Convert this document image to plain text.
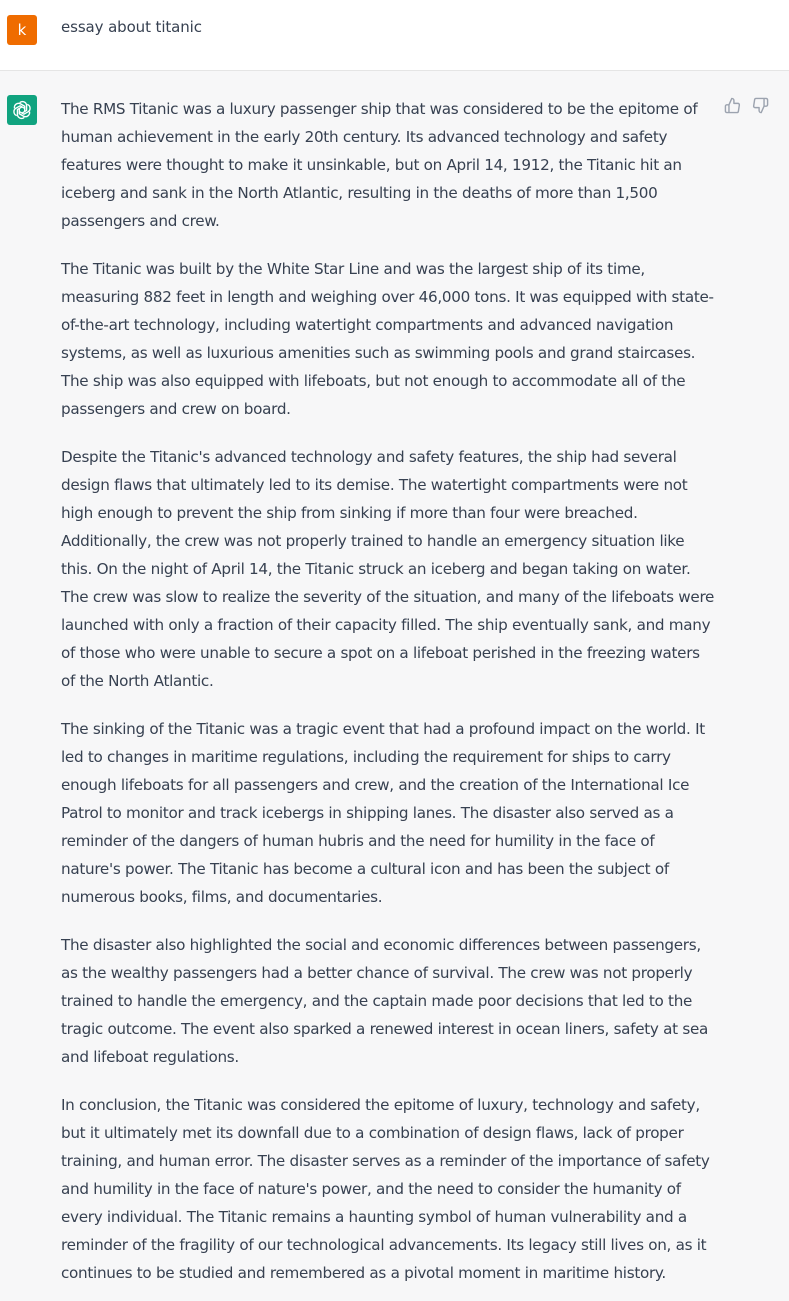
k	essay about titanic

The RMS Titanic was a luxury passenger ship that was considered to be the epitome of human achievement in the early 20th century. Its advanced technology and safety features were thought to make it unsinkable, but on April 14, 1912, the Titanic hit an iceberg and sank in the North Atlantic, resulting in the deaths of more than 1,500 passengers and crew.

The Titanic was built by the White Star Line and was the largest ship of its time, measuring 882 feet in length and weighing over 46,000 tons. It was equipped with state-of-the-art technology, including watertight compartments and advanced navigation systems, as well as luxurious amenities such as swimming pools and grand staircases. The ship was also equipped with lifeboats, but not enough to accommodate all of the passengers and crew on board.

Despite the Titanic's advanced technology and safety features, the ship had several design flaws that ultimately led to its demise. The watertight compartments were not high enough to prevent the ship from sinking if more than four were breached. Additionally, the crew was not properly trained to handle an emergency situation like this. On the night of April 14, the Titanic struck an iceberg and began taking on water. The crew was slow to realize the severity of the situation, and many of the lifeboats were launched with only a fraction of their capacity filled. The ship eventually sank, and many of those who were unable to secure a spot on a lifeboat perished in the freezing waters of the North Atlantic.

The sinking of the Titanic was a tragic event that had a profound impact on the world. It led to changes in maritime regulations, including the requirement for ships to carry enough lifeboats for all passengers and crew, and the creation of the International Ice Patrol to monitor and track icebergs in shipping lanes. The disaster also served as a reminder of the dangers of human hubris and the need for humility in the face of nature's power. The Titanic has become a cultural icon and has been the subject of numerous books, films, and documentaries.

The disaster also highlighted the social and economic differences between passengers, as the wealthy passengers had a better chance of survival. The crew was not properly trained to handle the emergency, and the captain made poor decisions that led to the tragic outcome. The event also sparked a renewed interest in ocean liners, safety at sea and lifeboat regulations.

In conclusion, the Titanic was considered the epitome of luxury, technology and safety, but it ultimately met its downfall due to a combination of design flaws, lack of proper training, and human error. The disaster serves as a reminder of the importance of safety and humility in the face of nature's power, and the need to consider the humanity of every individual. The Titanic remains a haunting symbol of human vulnerability and a reminder of the fragility of our technological advancements. Its legacy still lives on, as it continues to be studied and remembered as a pivotal moment in maritime history.
